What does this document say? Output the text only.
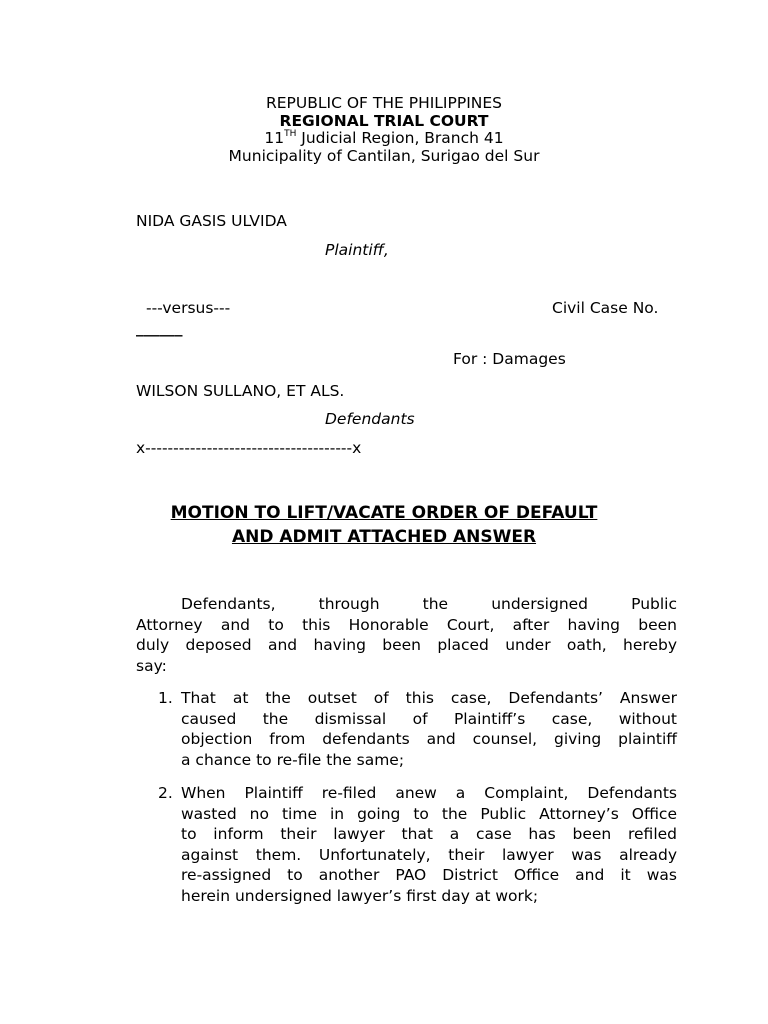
REPUBLIC OF THE PHILIPPINES
REGIONAL TRIAL COURT
11TH Judicial Region, Branch 41
Municipality of Cantilan, Surigao del Sur
NIDA GASIS ULVIDA
Plaintiff,
---versus---	Civil Case No.
______
For : Damages
WILSON SULLANO, ET ALS.
Defendants
x-------------------------------------x
MOTION TO LIFT/VACATE ORDER OF DEFAULT
AND ADMIT ATTACHED ANSWER
Defendants, through the undersigned Public
Attorney and to this Honorable Court, after having been
duly deposed and having been placed under oath, hereby
say:
1. That at the outset of this case, Defendants’ Answer
caused the dismissal of Plaintiff’s case, without
objection from defendants and counsel, giving plaintiff
a chance to re-file the same;
2. When Plaintiff re-filed anew a Complaint, Defendants
wasted no time in going to the Public Attorney’s Office
to inform their lawyer that a case has been refiled
against them. Unfortunately, their lawyer was already
re-assigned to another PAO District Office and it was
herein undersigned lawyer’s first day at work;
